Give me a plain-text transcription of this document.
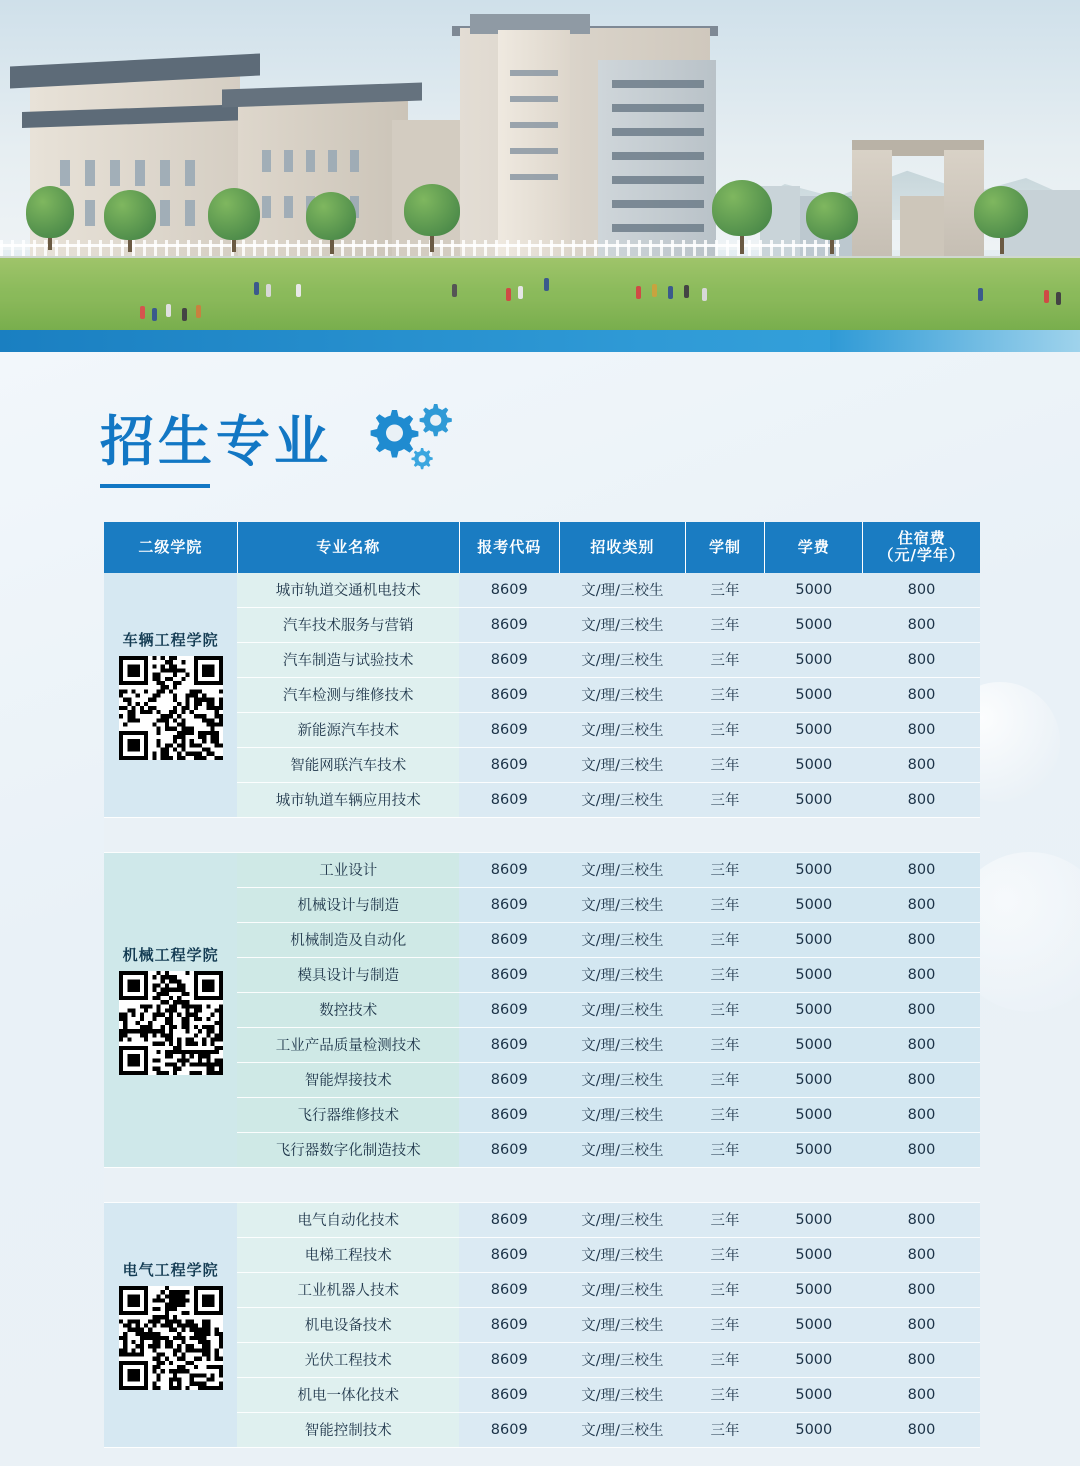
招生专业
二级学院	专业名称	报考代码	招收类别	学制	学费	住宿费
（元/学年）

车辆工程学院	城市轨道交通机电技术	8609	文/理/三校生	三年	5000	800
	汽车技术服务与营销	8609	文/理/三校生	三年	5000	800
	汽车制造与试验技术	8609	文/理/三校生	三年	5000	800
	汽车检测与维修技术	8609	文/理/三校生	三年	5000	800
	新能源汽车技术	8609	文/理/三校生	三年	5000	800
	智能网联汽车技术	8609	文/理/三校生	三年	5000	800
	城市轨道车辆应用技术	8609	文/理/三校生	三年	5000	800

机械工程学院	工业设计	8609	文/理/三校生	三年	5000	800
	机械设计与制造	8609	文/理/三校生	三年	5000	800
	机械制造及自动化	8609	文/理/三校生	三年	5000	800
	模具设计与制造	8609	文/理/三校生	三年	5000	800
	数控技术	8609	文/理/三校生	三年	5000	800
	工业产品质量检测技术	8609	文/理/三校生	三年	5000	800
	智能焊接技术	8609	文/理/三校生	三年	5000	800
	飞行器维修技术	8609	文/理/三校生	三年	5000	800
	飞行器数字化制造技术	8609	文/理/三校生	三年	5000	800

电气工程学院	电气自动化技术	8609	文/理/三校生	三年	5000	800
	电梯工程技术	8609	文/理/三校生	三年	5000	800
	工业机器人技术	8609	文/理/三校生	三年	5000	800
	机电设备技术	8609	文/理/三校生	三年	5000	800
	光伏工程技术	8609	文/理/三校生	三年	5000	800
	机电一体化技术	8609	文/理/三校生	三年	5000	800
	智能控制技术	8609	文/理/三校生	三年	5000	800
